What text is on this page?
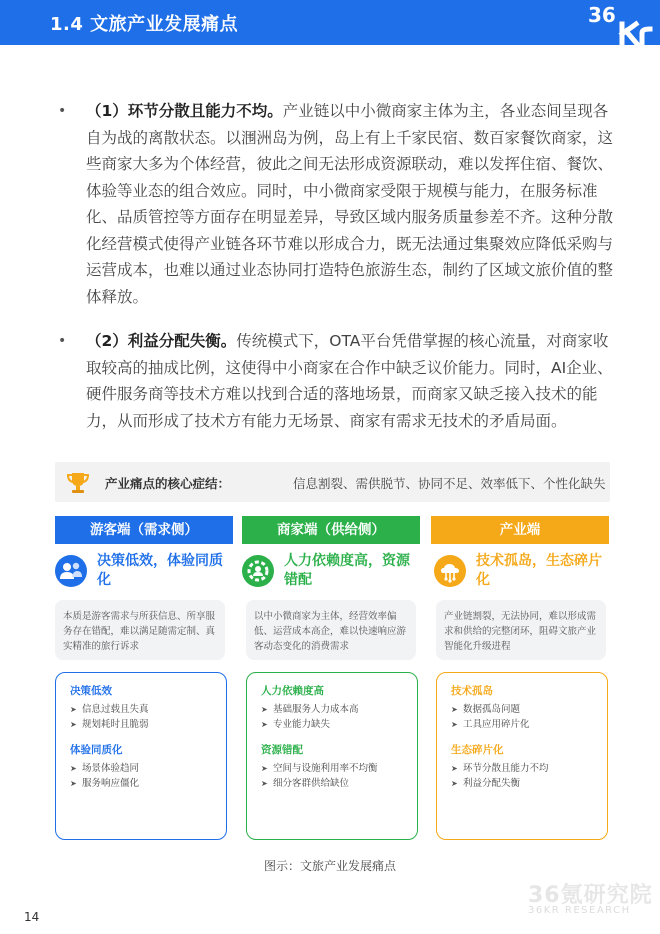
1.4 文旅产业发展痛点	36
• （1）环节分散且能力不均。产业链以中小微商家主体为主，各业态间呈现各自为战的离散状态。以涠洲岛为例，岛上有上千家民宿、数百家餐饮商家，这些商家大多为个体经营，彼此之间无法形成资源联动，难以发挥住宿、餐饮、体验等业态的组合效应。同时，中小微商家受限于规模与能力，在服务标准化、品质管控等方面存在明显差异，导致区域内服务质量参差不齐。这种分散化经营模式使得产业链各环节难以形成合力，既无法通过集聚效应降低采购与运营成本，也难以通过业态协同打造特色旅游生态，制约了区域文旅价值的整体释放。
• （2）利益分配失衡。传统模式下，OTA平台凭借掌握的核心流量，对商家收取较高的抽成比例，这使得中小商家在合作中缺乏议价能力。同时，AI企业、硬件服务商等技术方难以找到合适的落地场景，而商家又缺乏接入技术的能力，从而形成了技术方有能力无场景、商家有需求无技术的矛盾局面。
产业痛点的核心症结：	信息割裂、需供脱节、协同不足、效率低下、个性化缺失
游客端（需求侧）
决策低效，体验同质化
本质是游客需求与所获信息、所享服务存在错配，难以满足随需定制、真实精准的旅行诉求
决策低效
➤ 信息过载且失真
➤ 规划耗时且脆弱
体验同质化
➤ 场景体验趋同
➤ 服务响应僵化
商家端（供给侧）
人力依赖度高，资源错配
以中小微商家为主体，经营效率偏低、运营成本高企，难以快速响应游客动态变化的消费需求
人力依赖度高
➤ 基础服务人力成本高
➤ 专业能力缺失
资源错配
➤ 空间与设施利用率不均衡
➤ 细分客群供给缺位
产业端
技术孤岛，生态碎片化
产业链割裂，无法协同，难以形成需求和供给的完整闭环，阻碍文旅产业智能化升级进程
技术孤岛
➤ 数据孤岛问题
➤ 工具应用碎片化
生态碎片化
➤ 环节分散且能力不均
➤ 利益分配失衡
图示：文旅产业发展痛点
36氪研究院
36KR RESEARCH
14
